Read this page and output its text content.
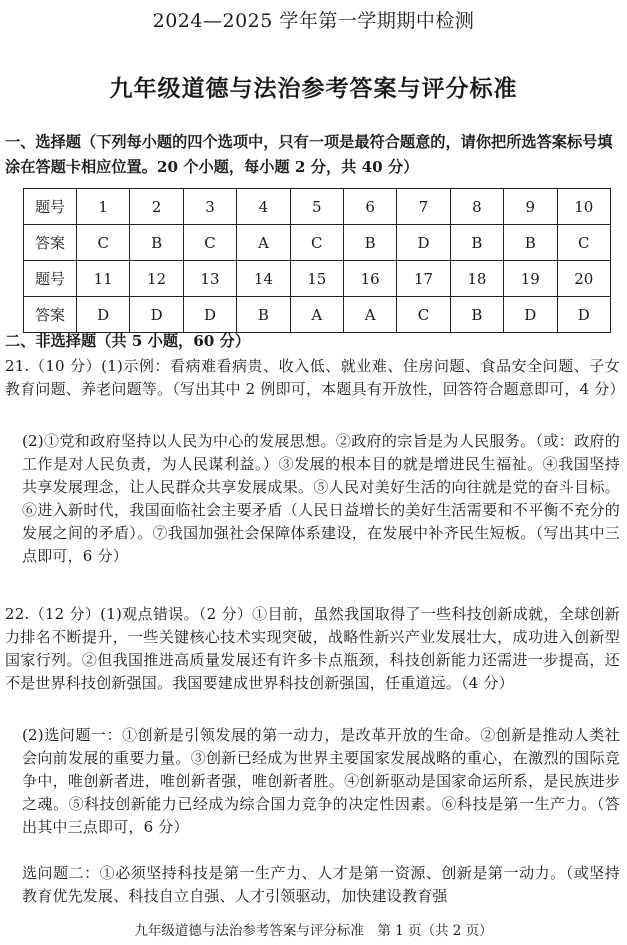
2024—2025 学年第一学期期中检测
九年级道德与法治参考答案与评分标准
一、选择题（下列每小题的四个选项中，只有一项是最符合题意的，请你把所选答案标号填涂在答题卡相应位置。20 个小题，每小题 2 分，共 40 分）
题号	1	2	3	4	5	6	7	8	9	10
答案	C	B	C	A	C	B	D	B	B	C
题号	11	12	13	14	15	16	17	18	19	20
答案	D	D	D	B	A	A	C	B	D	D
二、非选择题（共 5 小题，60 分）
21.（10 分）(1)示例：看病难看病贵、收入低、就业难、住房问题、食品安全问题、子女教育问题、养老问题等。（写出其中 2 例即可，本题具有开放性，回答符合题意即可，4 分）
(2)①党和政府坚持以人民为中心的发展思想。②政府的宗旨是为人民服务。（或：政府的工作是对人民负责，为人民谋利益。）③发展的根本目的就是增进民生福祉。④我国坚持共享发展理念，让人民群众共享发展成果。⑤人民对美好生活的向往就是党的奋斗目标。⑥进入新时代，我国面临社会主要矛盾（人民日益增长的美好生活需要和不平衡不充分的发展之间的矛盾）。⑦我国加强社会保障体系建设，在发展中补齐民生短板。（写出其中三点即可，6 分）
22.（12 分）(1)观点错误。（2 分）①目前，虽然我国取得了一些科技创新成就，全球创新力排名不断提升，一些关键核心技术实现突破，战略性新兴产业发展壮大，成功进入创新型国家行列。②但我国推进高质量发展还有许多卡点瓶颈，科技创新能力还需进一步提高，还不是世界科技创新强国。我国要建成世界科技创新强国，任重道远。（4 分）
(2)选问题一：①创新是引领发展的第一动力，是改革开放的生命。②创新是推动人类社会向前发展的重要力量。③创新已经成为世界主要国家发展战略的重心，在激烈的国际竞争中，唯创新者进，唯创新者强，唯创新者胜。④创新驱动是国家命运所系，是民族进步之魂。⑤科技创新能力已经成为综合国力竞争的决定性因素。⑥科技是第一生产力。（答出其中三点即可，6 分）
选问题二：①必须坚持科技是第一生产力、人才是第一资源、创新是第一动力。（或坚持教育优先发展、科技自立自强、人才引领驱动，加快建设教育强
九年级道德与法治参考答案与评分标准　第 1 页（共 2 页）
